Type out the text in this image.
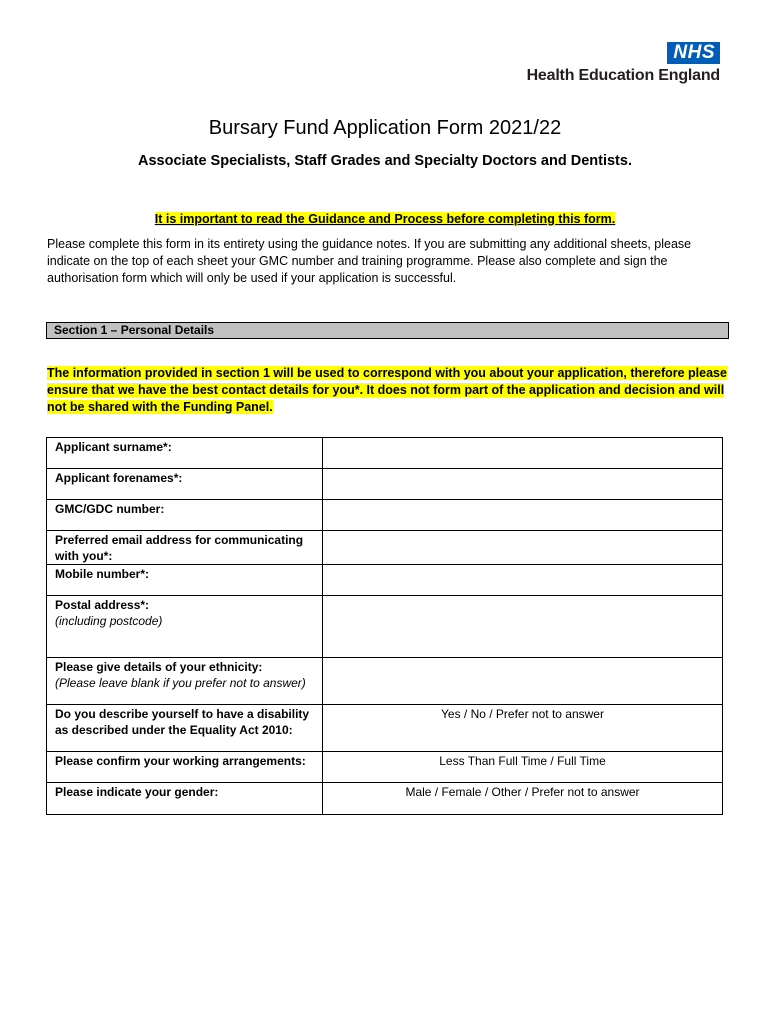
NHS
Health Education England
Bursary Fund Application Form 2021/22
Associate Specialists, Staff Grades and Specialty Doctors and Dentists.
It is important to read the Guidance and Process before completing this form.

Please complete this form in its entirety using the guidance notes. If you are submitting any additional sheets, please indicate on the top of each sheet your GMC number and training programme. Please also complete and sign the authorisation form which will only be used if your application is successful.

Section 1 – Personal Details

The information provided in section 1 will be used to correspond with you about your application, therefore please ensure that we have the best contact details for you*. It does not form part of the application and decision and will not be shared with the Funding Panel.

Applicant surname*:	
Applicant forenames*:	
GMC/GDC number:	
Preferred email address for communicating with you*:	
Mobile number*:	

Postal address*:
(including postcode)	

Please give details of your ethnicity:
(Please leave blank if you prefer not to answer)	

Do you describe yourself to have a disability as described under the Equality Act 2010:	Yes / No / Prefer not to answer
Please confirm your working arrangements:	Less Than Full Time / Full Time
Please indicate your gender:	Male / Female / Other / Prefer not to answer
